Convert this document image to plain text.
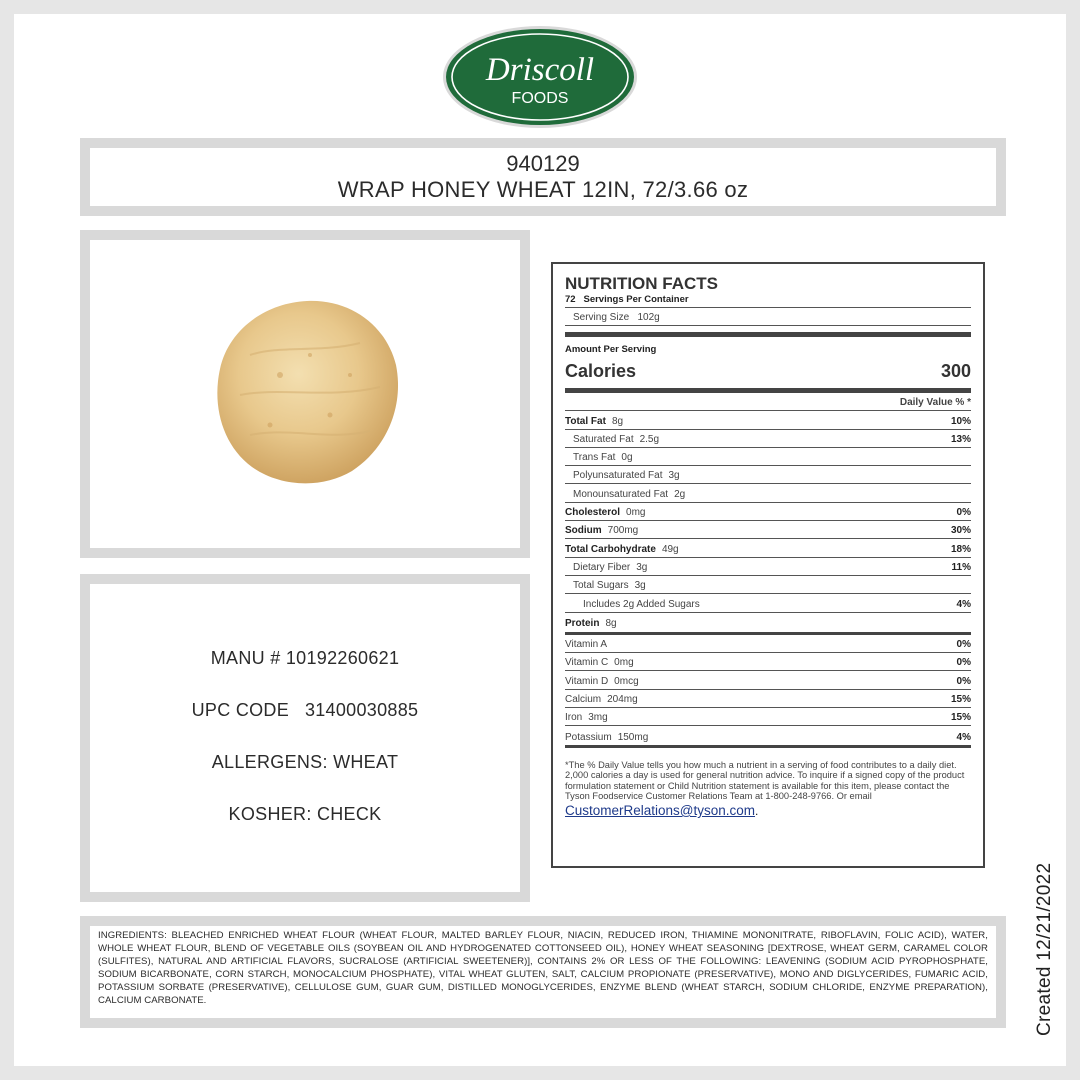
Driscoll
FOODS
940129
WRAP HONEY WHEAT 12IN, 72/3.66 oz
MANU # 10192260621
UPC CODE   31400030885
ALLERGENS: WHEAT
KOSHER: CHECK
NUTRITION FACTS
72   Servings Per Container
Serving Size   102g
Amount Per Serving
Calories	300
Daily Value % *
Total Fat 8g	10%
Saturated Fat 2.5g	13%
Trans Fat 0g
Polyunsaturated Fat 3g
Monounsaturated Fat 2g
Cholesterol 0mg	0%
Sodium 700mg	30%
Total Carbohydrate 49g	18%
Dietary Fiber 3g	11%
Total Sugars 3g
Includes 2g Added Sugars	4%
Protein 8g
Vitamin A	0%
Vitamin C 0mg	0%
Vitamin D 0mcg	0%
Calcium 204mg	15%
Iron 3mg	15%
Potassium 150mg	4%
*The % Daily Value tells you how much a nutrient in a serving of food contributes to a daily diet. 2,000 calories a day is used for general nutrition advice. To inquire if a signed copy of the product formulation statement or Child Nutrition statement is available for this item, please contact the Tyson Foodservice Customer Relations Team at 1-800-248-9766. Or email
CustomerRelations@tyson.com.

INGREDIENTS: BLEACHED ENRICHED WHEAT FLOUR (WHEAT FLOUR, MALTED BARLEY FLOUR, NIACIN, REDUCED IRON, THIAMINE MONONITRATE, RIBOFLAVIN, FOLIC ACID), WATER, WHOLE WHEAT FLOUR, BLEND OF VEGETABLE OILS (SOYBEAN OIL AND HYDROGENATED COTTONSEED OIL), HONEY WHEAT SEASONING [DEXTROSE, WHEAT GERM, CARAMEL COLOR (SULFITES), NATURAL AND ARTIFICIAL FLAVORS, SUCRALOSE (ARTIFICIAL SWEETENER)], CONTAINS 2% OR LESS OF THE FOLLOWING: LEAVENING (SODIUM ACID PYROPHOSPHATE, SODIUM BICARBONATE, CORN STARCH, MONOCALCIUM PHOSPHATE), VITAL WHEAT GLUTEN, SALT, CALCIUM PROPIONATE (PRESERVATIVE), MONO AND DIGLYCERIDES, FUMARIC ACID, POTASSIUM SORBATE (PRESERVATIVE), CELLULOSE GUM, GUAR GUM, DISTILLED MONOGLYCERIDES, ENZYME BLEND (WHEAT STARCH, SODIUM CHLORIDE, ENZYME PREPARATION), CALCIUM CARBONATE.	Created 12/21/2022
